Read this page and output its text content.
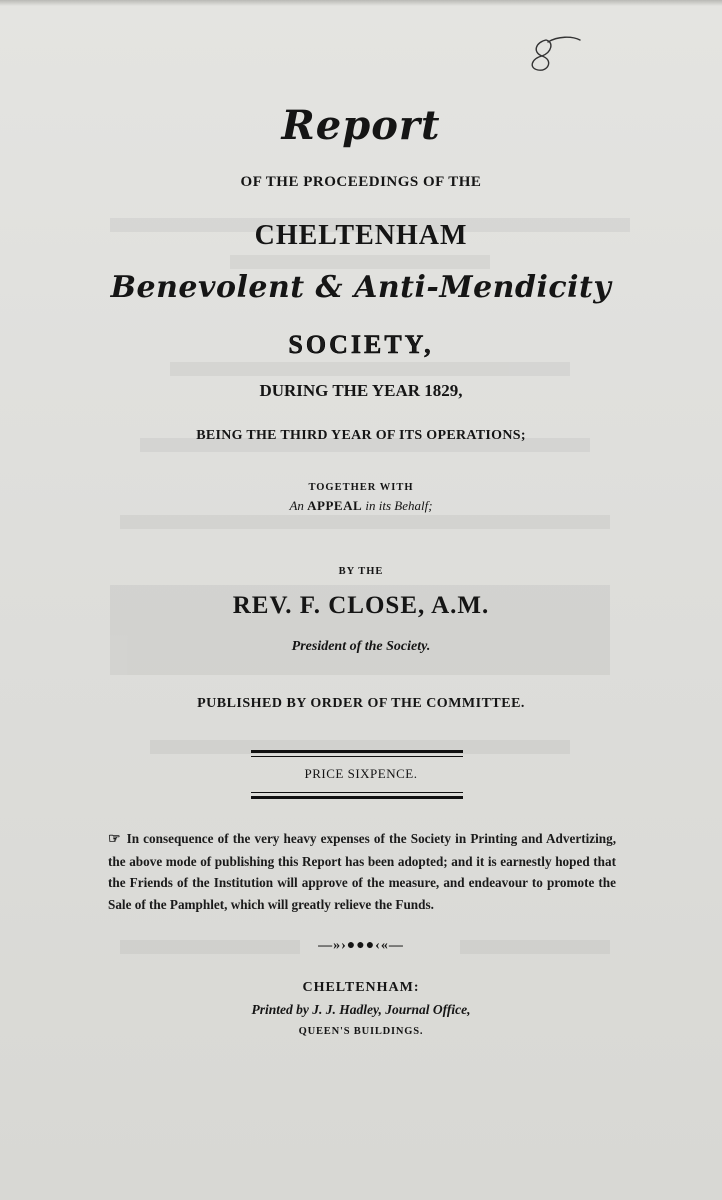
Report
OF THE PROCEEDINGS OF THE
CHELTENHAM
Benevolent & Anti-Mendicity
SOCIETY,
DURING THE YEAR 1829,
BEING THE THIRD YEAR OF ITS OPERATIONS;
TOGETHER WITH
An APPEAL in its Behalf;
BY THE
REV. F. CLOSE, A.M.
President of the Society.
PUBLISHED BY ORDER OF THE COMMITTEE.
PRICE SIXPENCE.
☞ In consequence of the very heavy expenses of the Society in Printing and Advertizing, the above mode of publishing this Report has been adopted; and it is earnestly hoped that the Friends of the Institution will approve of the measure, and endeavour to promote the Sale of the Pamphlet, which will greatly relieve the Funds.
—»›●●●‹«—
CHELTENHAM:
Printed by J. J. Hadley, Journal Office,
QUEEN'S BUILDINGS.
